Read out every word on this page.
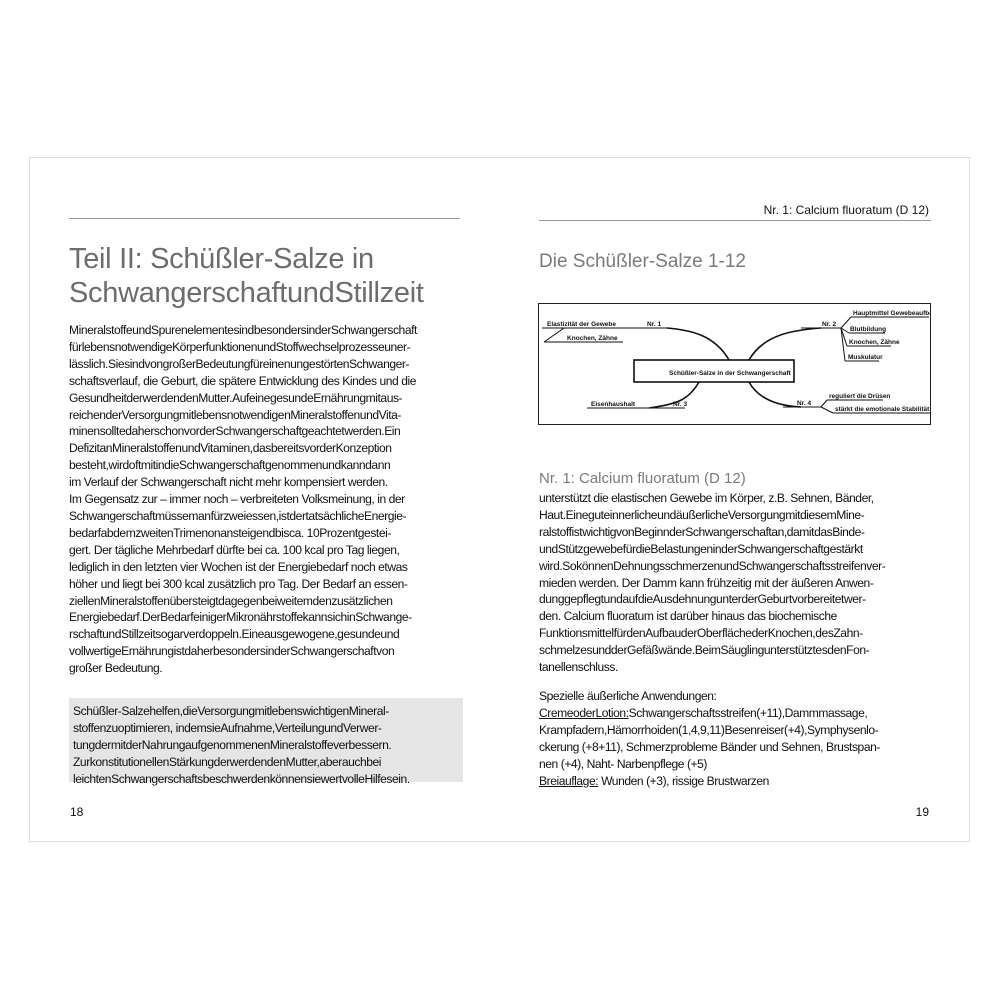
Teil II: Schüßler-Salze in
SchwangerschaftundStillzeit
MineralstoffeundSpurenelementesindbesondersinderSchwangerschaft
fürlebensnotwendigeKörperfunktionenundStoffwechselprozesseuner-
lässlich.SiesindvongroßerBedeutungfüreinenungestörtenSchwanger-
schaftsverlauf, die Geburt, die spätere Entwicklung des Kindes und die
GesundheitderwerdendenMutter.AufeinegesundeErnährungmitaus-
reichenderVersorgungmitlebensnotwendigenMineralstoffenundVita-
minensolltedaherschonvorderSchwangerschaftgeachtetwerden.Ein
DefizitanMineralstoffenundVitaminen,dasbereitsvorderKonzeption
besteht,wirdoftmitindieSchwangerschaftgenommenundkanndann
im Verlauf der Schwangerschaft nicht mehr kompensiert werden.
Im Gegensatz zur – immer noch – verbreiteten Volksmeinung, in der
Schwangerschaftmüssemanfürzweiessen,istdertatsächlicheEnergie-
bedarfabdemzweitenTrimenonansteigendbisca. 10Prozentgestei-
gert. Der tägliche Mehrbedarf dürfte bei ca. 100 kcal pro Tag liegen,
lediglich in den letzten vier Wochen ist der Energiebedarf noch etwas
höher und liegt bei 300 kcal zusätzlich pro Tag. Der Bedarf an essen-
ziellenMineralstoffenübersteigtdagegenbeiweitemdenzusätzlichen
Energiebedarf.DerBedarfeinigerMikronährstoffekannsichinSchwange-
rschaftundStillzeitsogarverdoppeln.Eineausgewogene,gesundeund
vollwertigeErnährungistdaherbesondersinderSchwangerschaftvon
großer Bedeutung.
Schüßler-Salzehelfen,dieVersorgungmitlebenswichtigenMineral-
stoffenzuoptimieren, indemsieAufnahme,VerteilungundVerwer-
tungdermitderNahrungaufgenommenenMineralstoffeverbessern.
ZurkonstitutionellenStärkungderwerdendenMutter,aberauchbei
leichtenSchwangerschaftsbeschwerdenkönnensiewertvolleHilfesein.
18
Nr. 1: Calcium fluoratum (D 12)
Die Schüßler-Salze 1-12
Schüßler-Salze in der Schwangerschaft
Nr. 1
Elastizität der Gewebe
Knochen, Zähne
Nr. 2
Hauptmittel Gewebeaufbau
Blutbildung
Knochen, Zähne
Muskulatur
Nr. 3
Eisenhaushalt	Nr. 4
reguliert die Drüsen
stärkt die emotionale Stabilität
Nr. 1: Calcium fluoratum (D 12)
unterstützt die elastischen Gewebe im Körper, z.B. Sehnen, Bänder,
Haut.EineguteinnerlicheundäußerlicheVersorgungmitdiesemMine-
ralstoffistwichtigvonBeginnderSchwangerschaftan,damitdasBinde-
undStützgewebefürdieBelastungeninderSchwangerschaftgestärkt
wird.SokönnenDehnungsschmerzenundSchwangerschaftsstreifenver-
mieden werden. Der Damm kann frühzeitig mit der äußeren Anwen-
dunggepflegtundaufdieAusdehnungunterderGeburtvorbereitetwer-
den. Calcium fluoratum ist darüber hinaus das biochemische
FunktionsmittelfürdenAufbauderOberflächederKnochen,desZahn-
schmelzesundderGefäßwände.BeimSäuglingunterstütztesdenFon-
tanellenschluss.
Spezielle äußerliche Anwendungen:
CremeoderLotion:Schwangerschaftsstreifen(+11),Dammmassage,
Krampfadern,Hämorrhoiden(1,4,9,11)Besenreiser(+4),Symphysenlo-
ckerung (+8+11), Schmerzprobleme Bänder und Sehnen, Brustspan-
nen (+4), Naht- Narbenpflege (+5)
Breiauflage: Wunden (+3), rissige Brustwarzen
19
